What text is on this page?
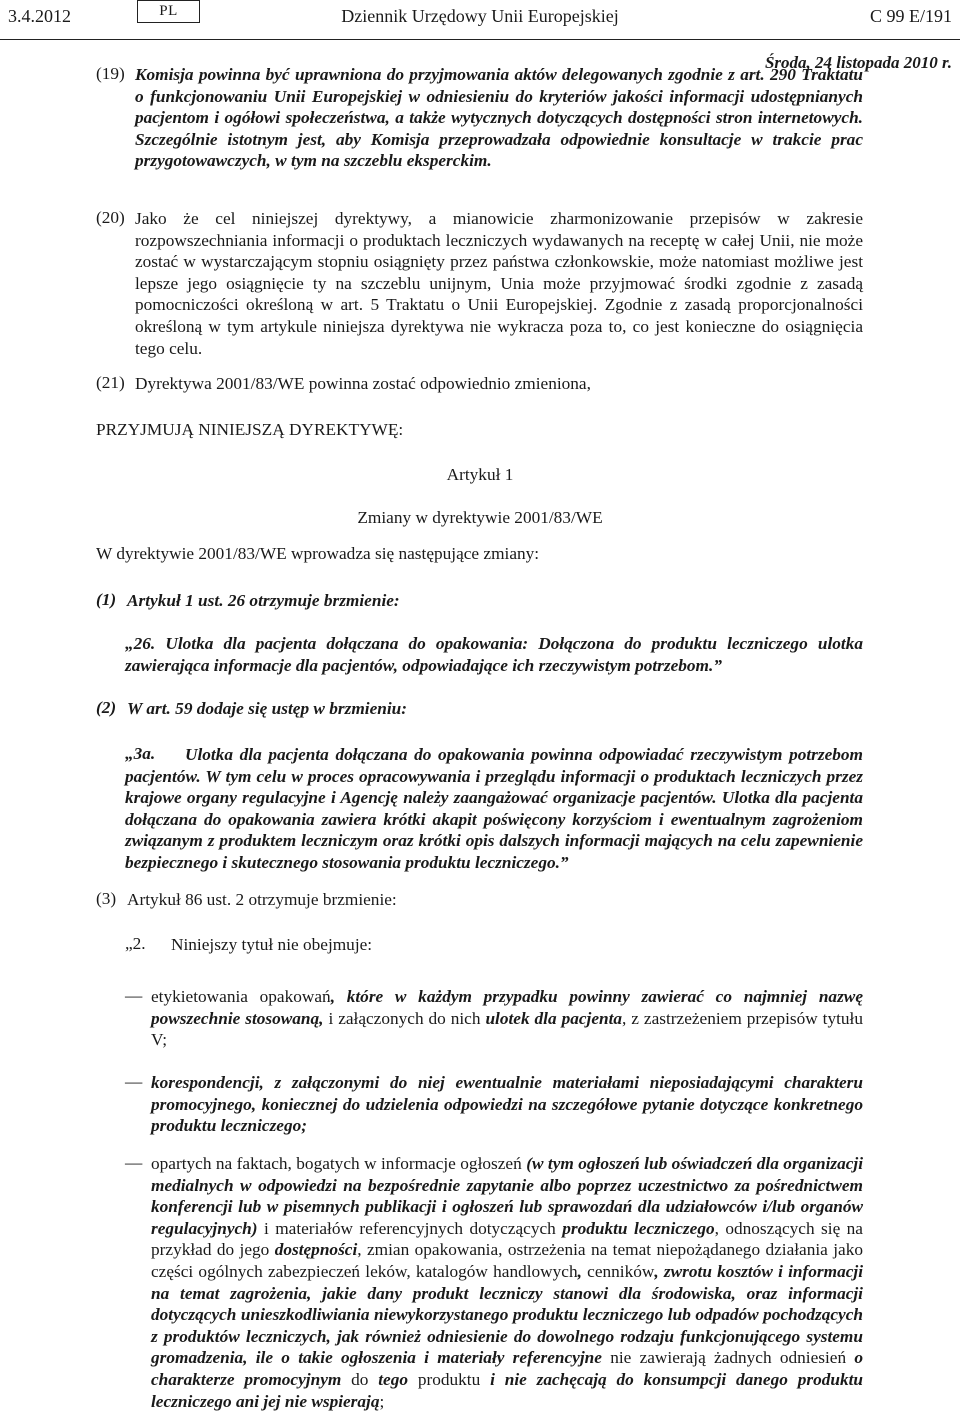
Dziennik Urzędowy Unii Europejskiej
3.4.2012	PL	C 99 E/191
Środa, 24 listopada 2010 r.
(19) Komisja powinna być uprawniona do przyjmowania aktów delegowanych zgodnie z art. 290 Traktatu o funkcjonowaniu Unii Europejskiej w odniesieniu do kryteriów jakości informacji udostępnianych pacjentom i ogółowi społeczeństwa, a także wytycznych dotyczących dostępności stron internetowych. Szczególnie istotnym jest, aby Komisja przeprowadzała odpowiednie konsultacje w trakcie prac przygotowawczych, w tym na szczeblu eksperckim.

(20) Jako że cel niniejszej dyrektywy, a mianowicie zharmonizowanie przepisów w zakresie rozpowszechniania informacji o produktach leczniczych wydawanych na receptę w całej Unii, nie może zostać w wystarczającym stopniu osiągnięty przez państwa członkowskie, może natomiast możliwe jest lepsze jego osiągnięcie ty na szczeblu unijnym, Unia może przyjmować środki zgodnie z zasadą pomocniczości określoną w art. 5 Traktatu o Unii Europejskiej. Zgodnie z zasadą proporcjonalności określoną w tym artykule niniejsza dyrektywa nie wykracza poza to, co jest konieczne do osiągnięcia tego celu.

(21) Dyrektywa 2001/83/WE powinna zostać odpowiednio zmieniona,

PRZYJMUJĄ NINIEJSZĄ DYREKTYWĘ:

Artykuł 1
Zmiany w dyrektywie 2001/83/WE

W dyrektywie 2001/83/WE wprowadza się następujące zmiany:

(1) Artykuł 1 ust. 26 otrzymuje brzmienie:

„26. Ulotka dla pacjenta dołączana do opakowania: Dołączona do produktu leczniczego ulotka zawierająca informacje dla pacjentów, odpowiadające ich rzeczywistym potrzebom.”

(2) W art. 59 dodaje się ustęp w brzmieniu:

Ulotka dla pacjenta dołączana do opakowania powinna odpowiadać rzeczywistym potrzebom pacjentów. W tym celu w proces opracowywania i przeglądu informacji o produktach leczniczych przez krajowe organy regulacyjne i Agencję należy zaangażować organizacje pacjentów. Ulotka dla pacjenta dołączana do opakowania zawiera krótki akapit poświęcony korzyściom i ewentualnym zagrożeniom związanym z produktem leczniczym oraz krótki opis dalszych informacji mających na celu zapewnienie bezpiecznego i skutecznego stosowania produktu leczniczego.”

„3a.
(3) Artykuł 86 ust. 2 otrzymuje brzmienie:

„2. Niniejszy tytuł nie obejmuje:

— etykietowania opakowań, które w każdym przypadku powinny zawierać co najmniej nazwę powszechnie stosowaną, i załączonych do nich ulotek dla pacjenta, z zastrzeżeniem przepisów tytułu V;

— korespondencji, z załączonymi do niej ewentualnie materiałami nieposiadającymi charakteru promocyjnego, koniecznej do udzielenia odpowiedzi na szczegółowe pytanie dotyczące konkretnego produktu leczniczego;

— opartych na faktach, bogatych w informacje ogłoszeń (w tym ogłoszeń lub oświadczeń dla organizacji medialnych w odpowiedzi na bezpośrednie zapytanie albo poprzez uczestnictwo za pośrednictwem konferencji lub w pisemnych publikacji i ogłoszeń lub sprawozdań dla udziałowców i/lub organów regulacyjnych) i materiałów referencyjnych dotyczących produktu leczniczego, odnoszących się na przykład do jego dostępności, zmian opakowania, ostrzeżenia na temat niepożądanego działania jako części ogólnych zabezpieczeń leków, katalogów handlowych, cenników, zwrotu kosztów i informacji na temat zagrożenia, jakie dany produkt leczniczy stanowi dla środowiska, oraz informacji dotyczących unieszkodliwiania niewykorzystanego produktu leczniczego lub odpadów pochodzących z produktów leczniczych, jak również odniesienie do dowolnego rodzaju funkcjonującego systemu gromadzenia, ile o takie ogłoszenia i materiały referencyjne nie zawierają żadnych odniesień o charakterze promocyjnym do tego produktu i nie zachęcają do konsumpcji danego produktu leczniczego ani jej nie wspierają;
